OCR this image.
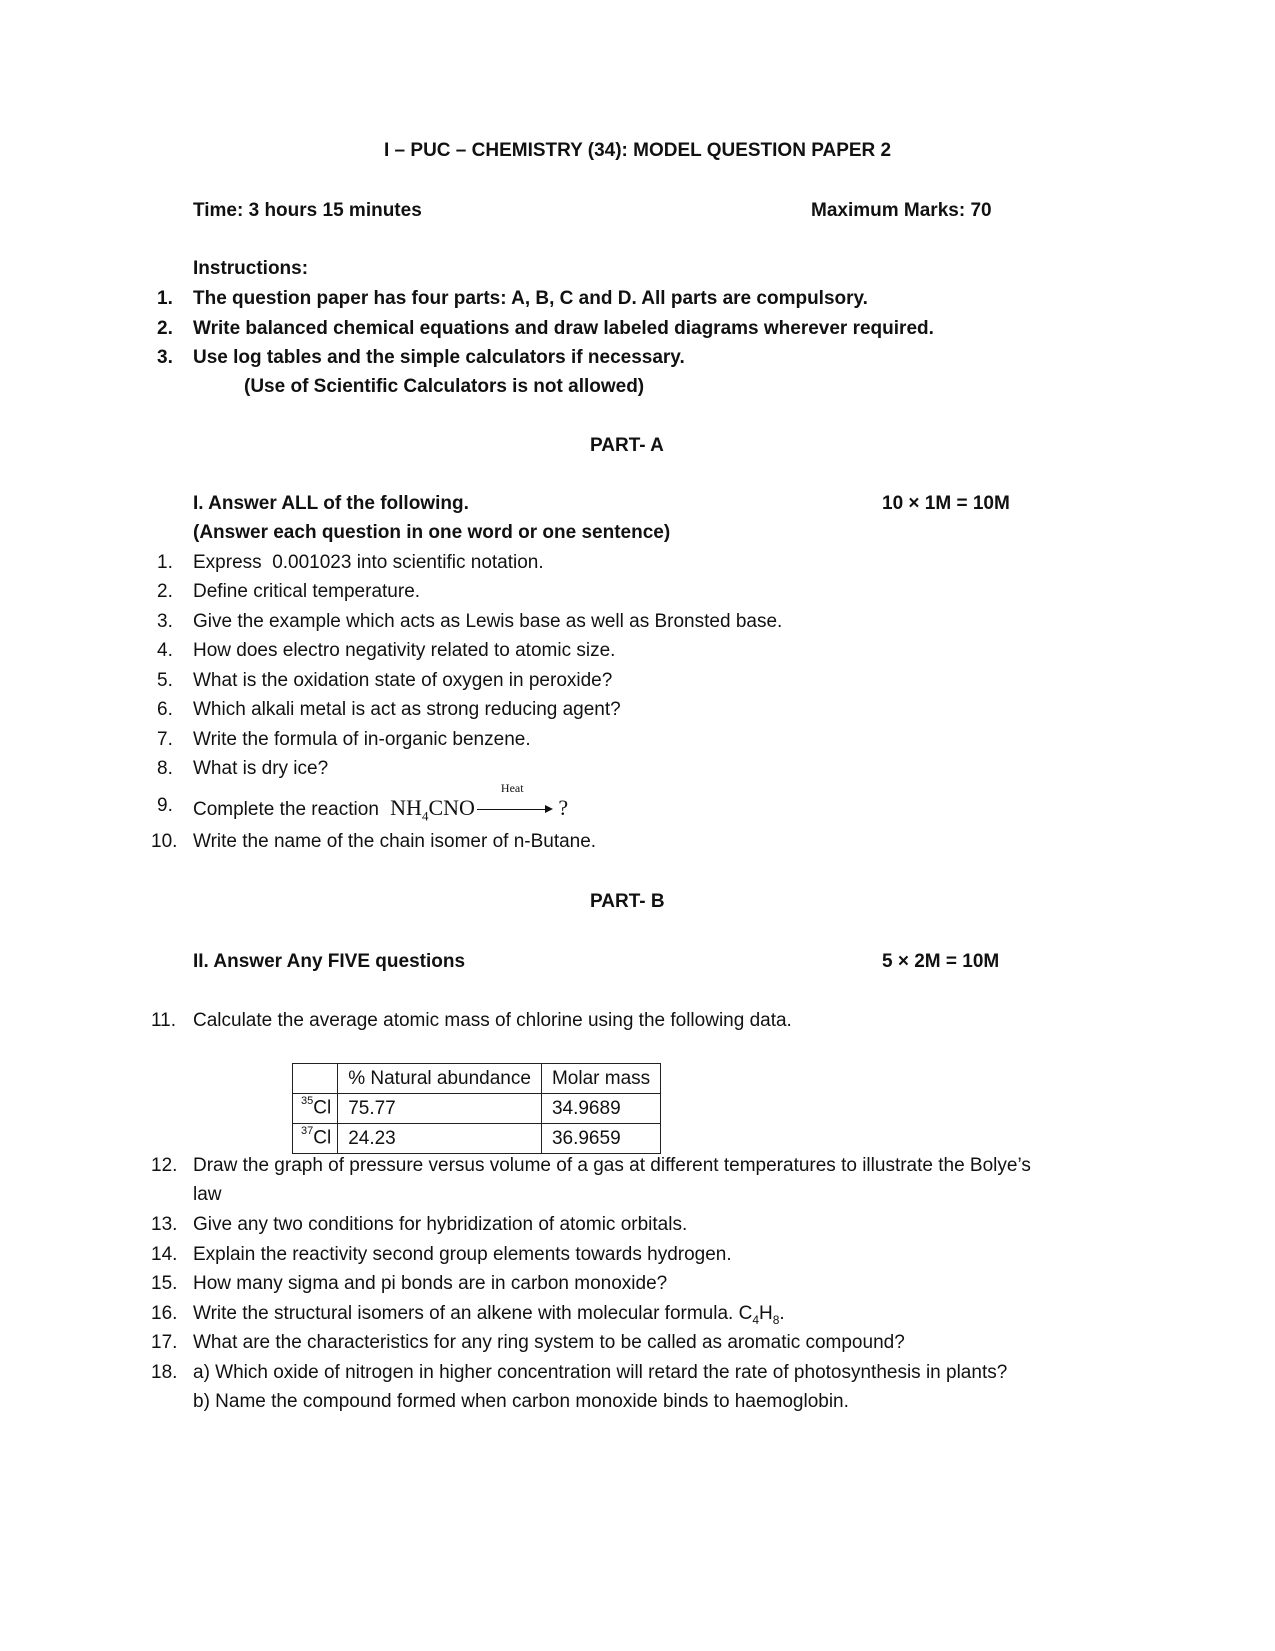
I – PUC – CHEMISTRY (34): MODEL QUESTION PAPER 2
Time: 3 hours 15 minutes	Maximum Marks: 70
Instructions:
1. The question paper has four parts: A, B, C and D. All parts are compulsory.
2. Write balanced chemical equations and draw labeled diagrams wherever required.
3. Use log tables and the simple calculators if necessary.
(Use of Scientific Calculators is not allowed)
PART- A
I. Answer ALL of the following.	10 × 1M = 10M
(Answer each question in one word or one sentence)
1. Express  0.001023 into scientific notation.
2. Define critical temperature.
3. Give the example which acts as Lewis base as well as Bronsted base.
4. How does electro negativity related to atomic size.
5. What is the oxidation state of oxygen in peroxide?
6. Which alkali metal is act as strong reducing agent?
7. Write the formula of in-organic benzene.
8. What is dry ice?
9. Complete the reaction $NH_4CNO$
Heat
?
10. Write the name of the chain isomer of n-Butane.
PART- B
II. Answer Any FIVE questions	5 × 2M = 10M
11. Calculate the average atomic mass of chlorine using the following data.
	% Natural abundance	Molar mass
$^{35}$Cl	75.77	34.9689
$^{37}$Cl	24.23	36.9659
12. Draw the graph of pressure versus volume of a gas at different temperatures to illustrate the Bolye’s
law
13. Give any two conditions for hybridization of atomic orbitals.
14. Explain the reactivity second group elements towards hydrogen.
15. How many sigma and pi bonds are in carbon monoxide?
16. Write the structural isomers of an alkene with molecular formula. $C_4H_8$.
17. What are the characteristics for any ring system to be called as aromatic compound?
18. a) Which oxide of nitrogen in higher concentration will retard the rate of photosynthesis in plants?
b) Name the compound formed when carbon monoxide binds to haemoglobin.
